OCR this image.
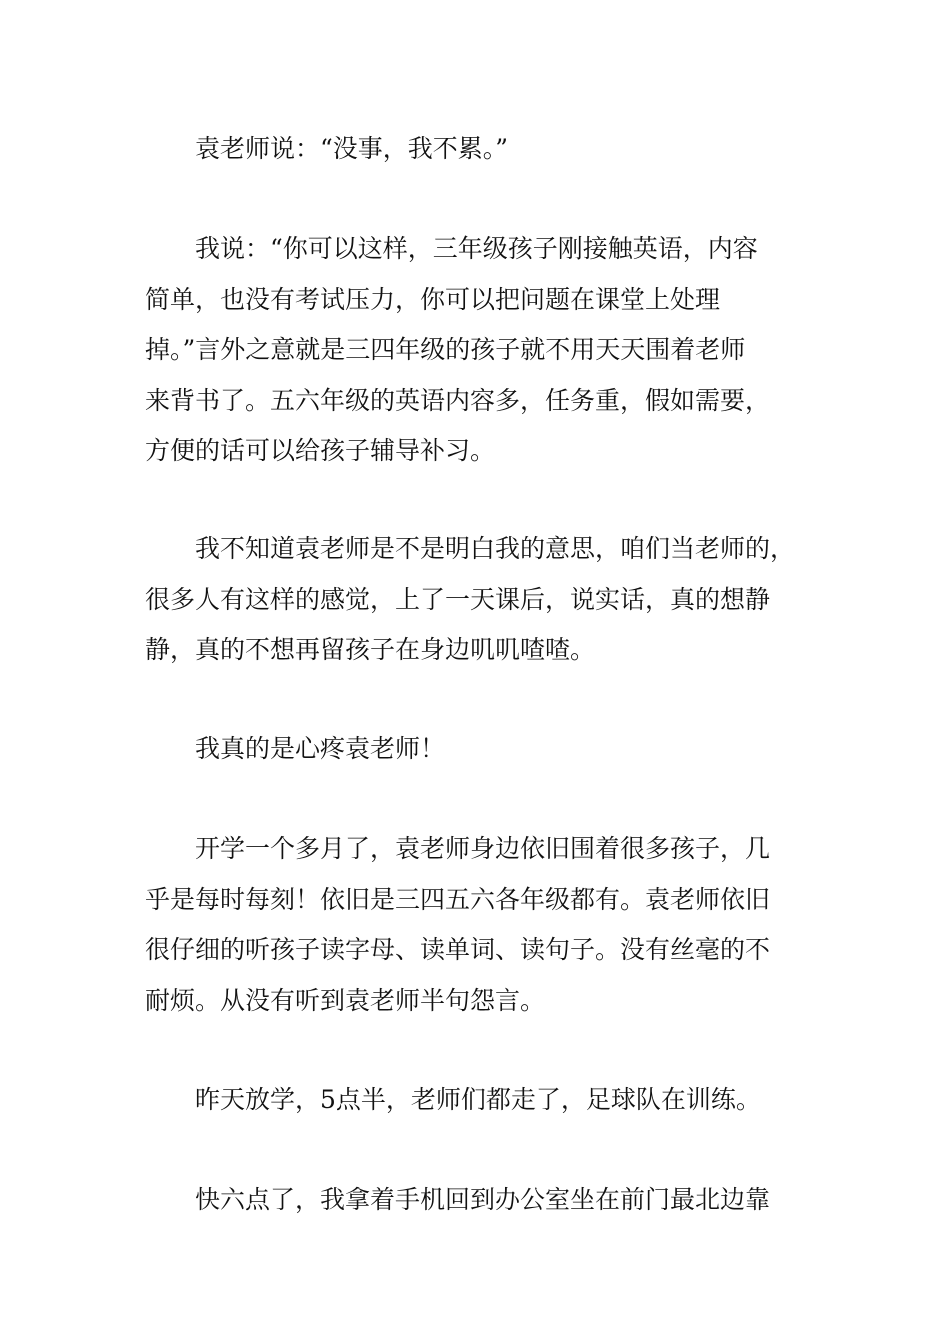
袁老师说：“没事，我不累。”

我说：“你可以这样，三年级孩子刚接触英语，内容
简单，也没有考试压力，你可以把问题在课堂上处理
掉。”言外之意就是三四年级的孩子就不用天天围着老师
来背书了。五六年级的英语内容多，任务重，假如需要，
方便的话可以给孩子辅导补习。

我不知道袁老师是不是明白我的意思，咱们当老师的，
很多人有这样的感觉，上了一天课后，说实话，真的想静
静，真的不想再留孩子在身边叽叽喳喳。

我真的是心疼袁老师！

开学一个多月了，袁老师身边依旧围着很多孩子，几
乎是每时每刻！依旧是三四五六各年级都有。袁老师依旧
很仔细的听孩子读字母、读单词、读句子。没有丝毫的不
耐烦。从没有听到袁老师半句怨言。

昨天放学，5点半，老师们都走了，足球队在训练。

快六点了，我拿着手机回到办公室坐在前门最北边靠
